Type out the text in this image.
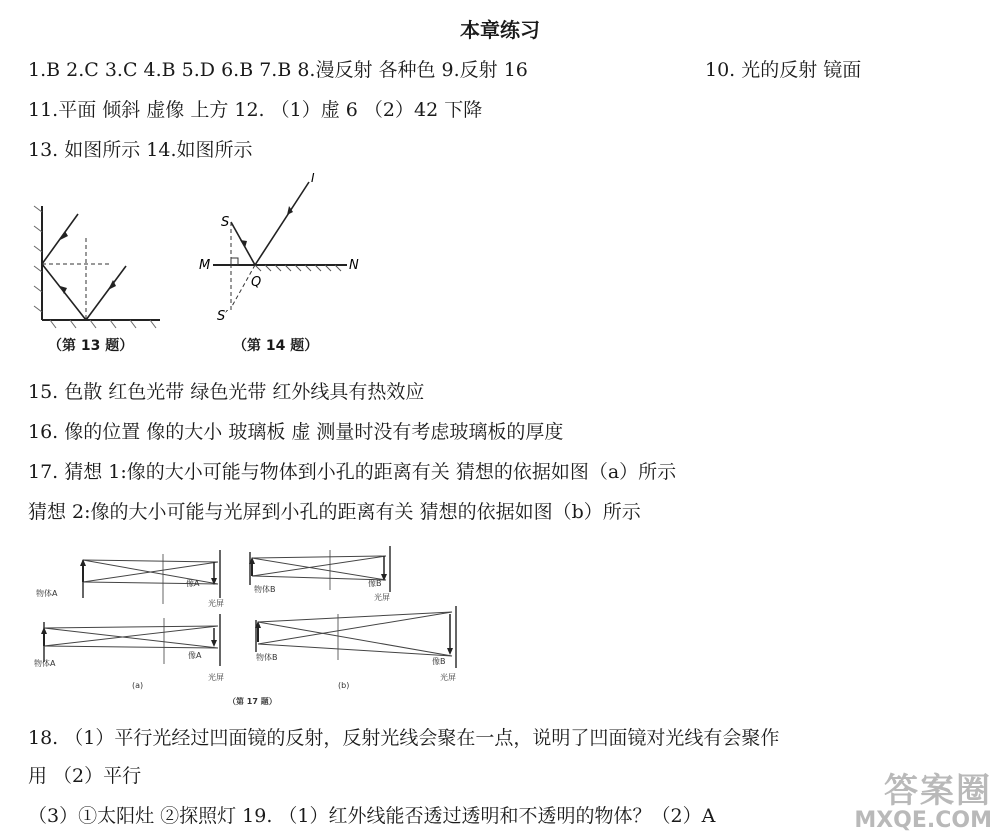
本章练习
1.B 2.C 3.C 4.B 5.D 6.B 7.B 8.漫反射 各种色 9.反射 16	10. 光的反射 镜面
11.平面 倾斜 虚像 上方 12. （1）虚 6 （2）42 下降
13. 如图所示 14.如图所示
（第 13 题）
S
M	N
Q
S′
I
（第 14 题）
15. 色散 红色光带 绿色光带 红外线具有热效应
16. 像的位置 像的大小 玻璃板 虚 测量时没有考虑玻璃板的厚度
17. 猜想 1:像的大小可能与物体到小孔的距离有关 猜想的依据如图（a）所示
猜想 2:像的大小可能与光屏到小孔的距离有关 猜想的依据如图（b）所示
物体A
像A
光屏
物体B
像B
光屏
物体A
像A
光屏
物体B	像B
光屏
(a)	(b)
（第 17 题）
18. （1）平行光经过凹面镜的反射，反射光线会聚在一点，说明了凹面镜对光线有会聚作
用 （2）平行
（3）①太阳灶 ②探照灯 19. （1）红外线能否透过透明和不透明的物体？（2）A
答案圈
MXQE.COM
